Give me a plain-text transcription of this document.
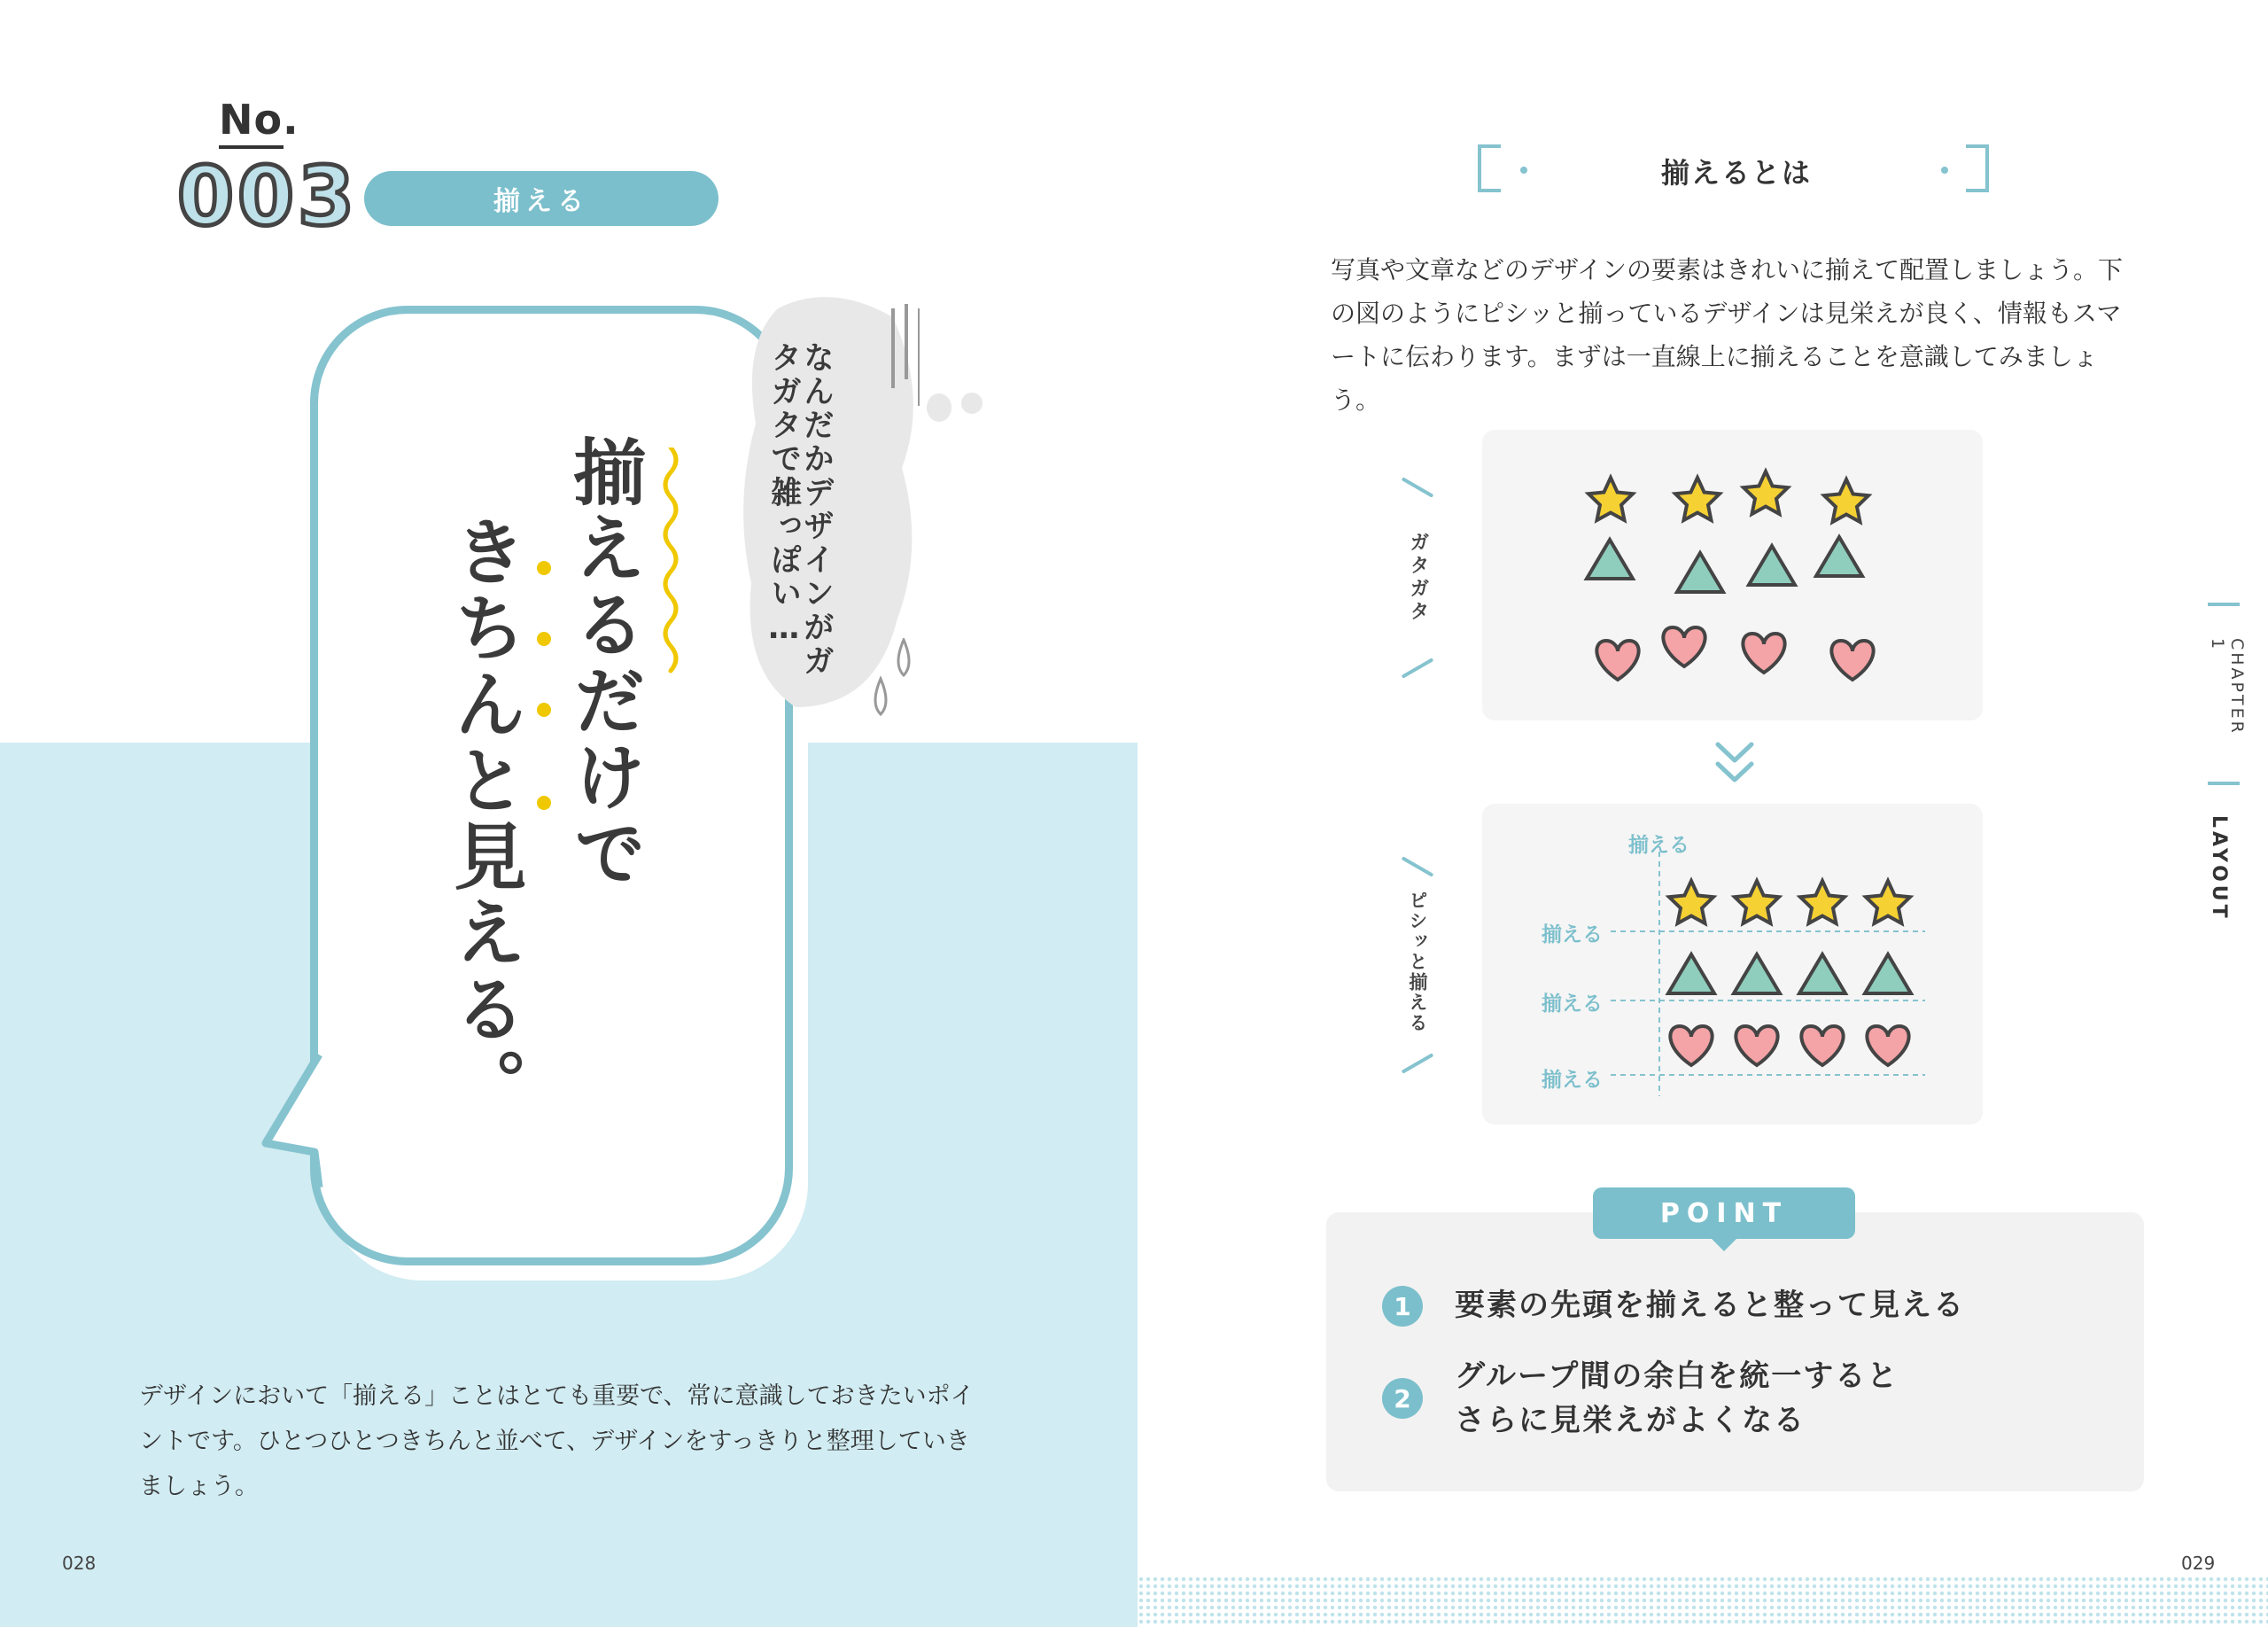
No.
003	揃える
揃えるだけで
きちんと見える。
なんだかデザインがガタガタで雑っぽい…
デザインにおいて「揃える」ことはとても重要で、常に意識しておきたいポイントです。ひとつひとつきちんと並べて、デザインをすっきりと整理していきましょう。
028
揃えるとは
写真や文章などのデザインの要素はきれいに揃えて配置しましょう。下の図のようにピシッと揃っているデザインは見栄えが良く、情報もスマートに伝わります。まずは一直線上に揃えることを意識してみましょう。
ガタガタ
ピシッと揃える
揃える
揃える
揃える
揃える
POINT
1	要素の先頭を揃えると整って見える
2
グループ間の余白を統一すると
さらに見栄えがよくなる
CHAPTER 1
LAYOUT
029
